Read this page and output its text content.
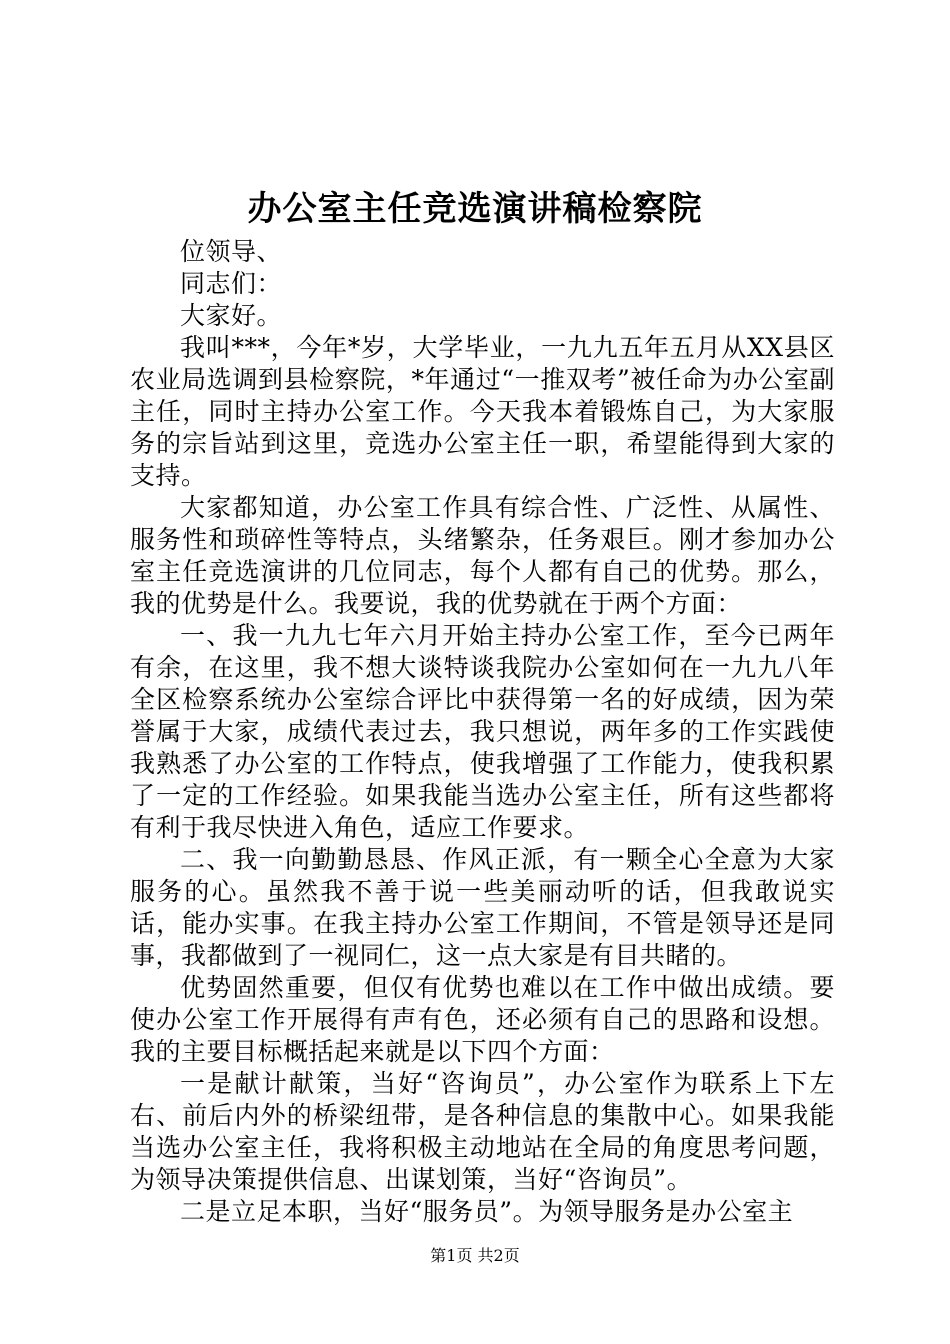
办公室主任竞选演讲稿检察院

位领导、

同志们：

大家好。

我叫***，今年*岁，大学毕业，一九九五年五月从XX县区农业局选调到县检察院，*年通过“一推双考”被任命为办公室副主任，同时主持办公室工作。今天我本着锻炼自己，为大家服务的宗旨站到这里，竞选办公室主任一职，希望能得到大家的支持。

大家都知道，办公室工作具有综合性、广泛性、从属性、服务性和琐碎性等特点，头绪繁杂，任务艰巨。刚才参加办公室主任竞选演讲的几位同志，每个人都有自己的优势。那么，我的优势是什么。我要说，我的优势就在于两个方面：

一、我一九九七年六月开始主持办公室工作，至今已两年有余，在这里，我不想大谈特谈我院办公室如何在一九九八年全区检察系统办公室综合评比中获得第一名的好成绩，因为荣誉属于大家，成绩代表过去，我只想说，两年多的工作实践使我熟悉了办公室的工作特点，使我增强了工作能力，使我积累了一定的工作经验。如果我能当选办公室主任，所有这些都将有利于我尽快进入角色，适应工作要求。

二、我一向勤勤恳恳、作风正派，有一颗全心全意为大家服务的心。虽然我不善于说一些美丽动听的话，但我敢说实话，能办实事。在我主持办公室工作期间，不管是领导还是同事，我都做到了一视同仁，这一点大家是有目共睹的。

优势固然重要，但仅有优势也难以在工作中做出成绩。要使办公室工作开展得有声有色，还必须有自己的思路和设想。我的主要目标概括起来就是以下四个方面：

一是献计献策，当好“咨询员”，办公室作为联系上下左右、前后内外的桥梁纽带，是各种信息的集散中心。如果我能当选办公室主任，我将积极主动地站在全局的角度思考问题，为领导决策提供信息、出谋划策，当好“咨询员”。

二是立足本职，当好“服务员”。为领导服务是办公室主

第1页 共2页
